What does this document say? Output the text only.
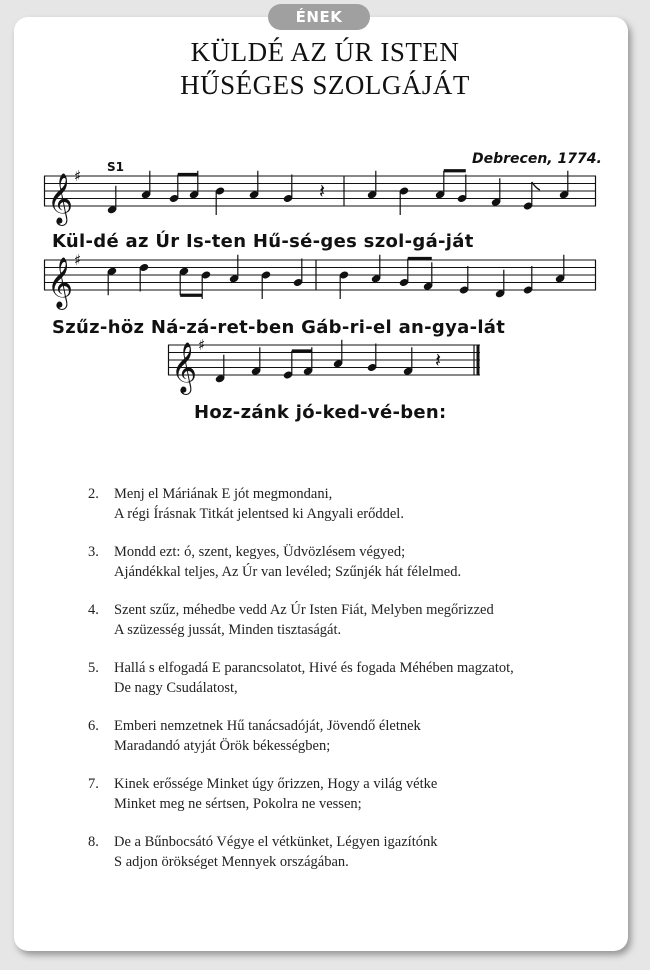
ÉNEK
KÜLDÉ AZ ÚR ISTEN
HŰSÉGES SZOLGÁJÁT
Debrecen, 1774.
S1
𝄞 ♯
𝄽
Kül-dé az Úr Is-ten Hű-sé-ges szol-gá-ját
𝄞 ♯
Szűz-höz Ná-zá-ret-ben Gáb-ri-el an-gya-lát
𝄞 ♯
𝄽
Hoz-zánk jó-ked-vé-ben:
2. Menj el Máriának E jót megmondani,
A régi Írásnak Titkát jelentsed ki Angyali erőddel.
3. Mondd ezt: ó, szent, kegyes, Üdvözlésem végyed;
Ajándékkal teljes, Az Úr van levéled; Szűnjék hát félelmed.
4. Szent szűz, méhedbe vedd Az Úr Isten Fiát, Melyben megőrizzed
A szüzesség jussát, Minden tisztaságát.
5. Hallá s elfogadá E parancsolatot, Hivé és fogada Méhében magzatot,
De nagy Csudálatost,
6. Emberi nemzetnek Hű tanácsadóját, Jövendő életnek
Maradandó atyját Örök békességben;
7. Kinek erőssége Minket úgy őrizzen, Hogy a világ vétke
Minket meg ne sértsen, Pokolra ne vessen;
8. De a Bűnbocsátó Végye el vétkünket, Légyen igazítónk
S adjon örökséget Mennyek országában.
